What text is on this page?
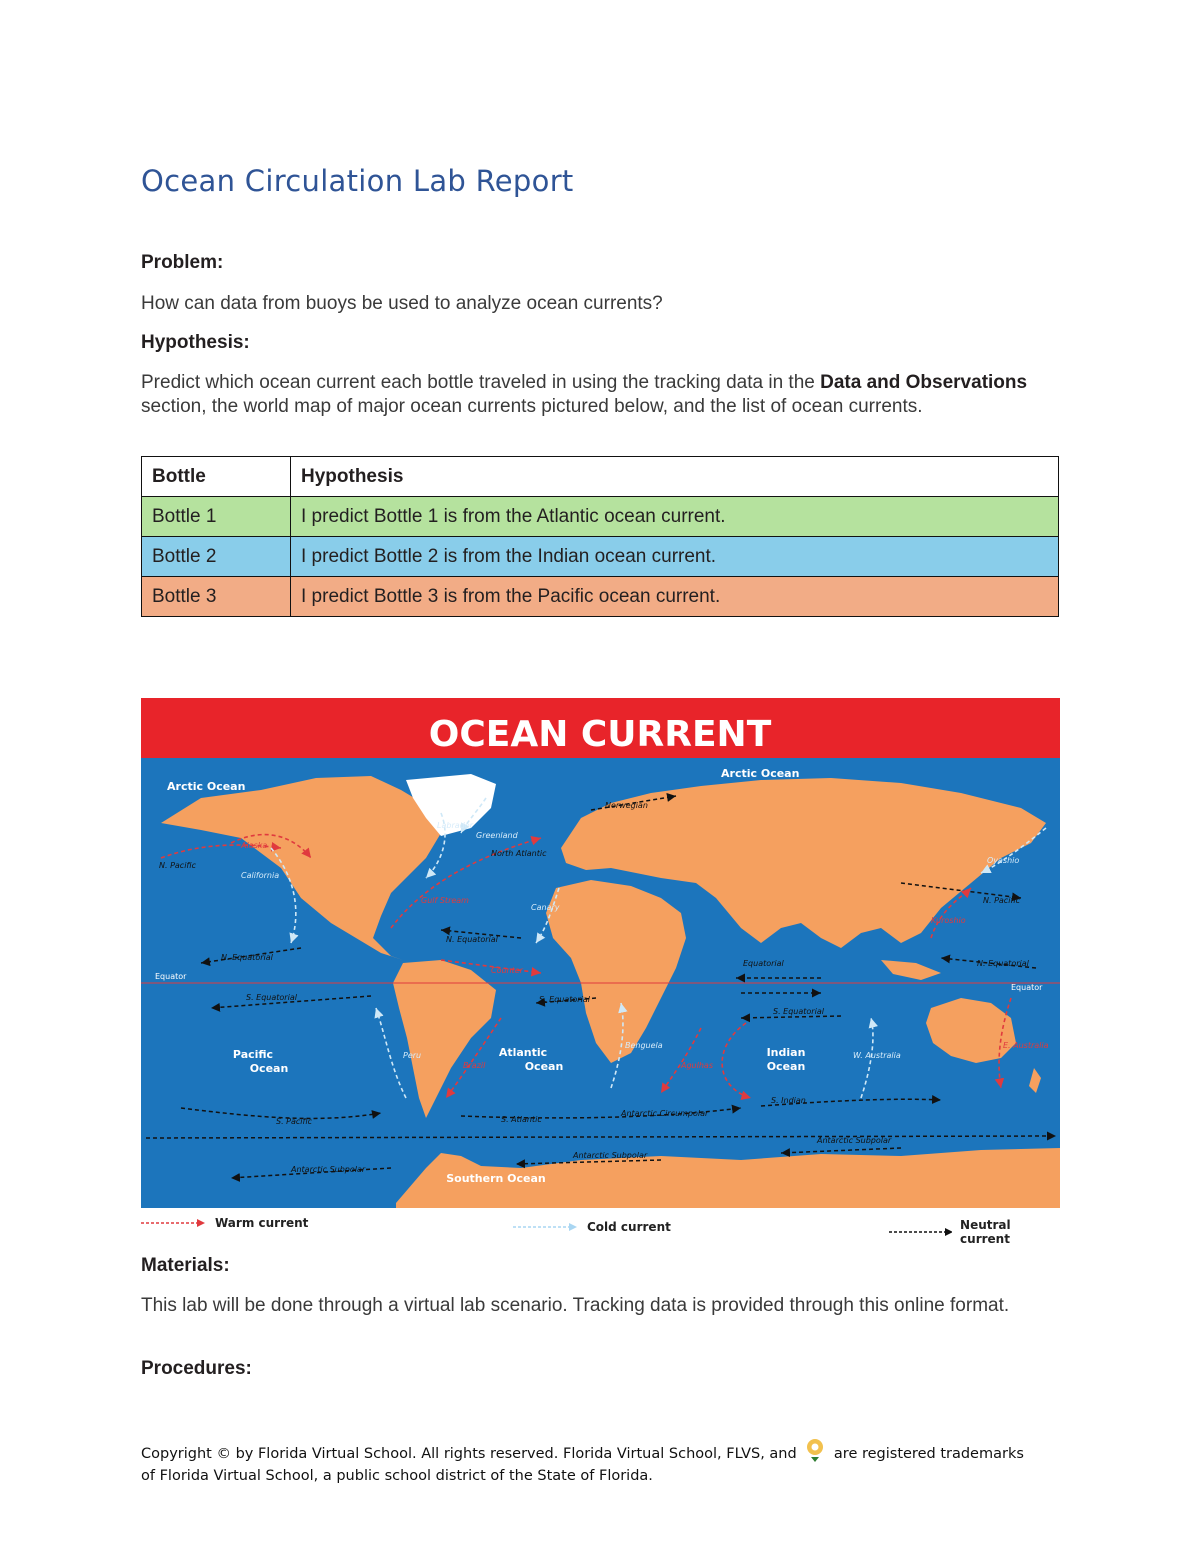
Ocean Circulation Lab Report
Problem:
How can data from buoys be used to analyze ocean currents?
Hypothesis:
Predict which ocean current each bottle traveled in using the tracking data in the Data and Observations section, the world map of major ocean currents pictured below, and the list of ocean currents.
Bottle	Hypothesis
Bottle 1	I predict Bottle 1 is from the Atlantic ocean current.
Bottle 2	I predict Bottle 2 is from the Indian ocean current.
Bottle 3	I predict Bottle 3 is from the Pacific ocean current.
OCEAN CURRENT
Equator
Equator
Arctic Ocean
Arctic Ocean
Pacific	Atlantic	Indian
Southern Ocean
Ocean	Ocean	Ocean
N. Pacific
N. Pacific
N. Equatorial
N. Equatorial
S. Equatorial
S. Pacific
Norwegian
North Atlantic
N. Equatorial
S. Equatorial
S. Atlantic
Antarctic Circumpolar
Antarctic Subpolar
Antarctic Subpolar
Antarctic Subpolar
Equatorial
S. Equatorial
S. Indian
Alaska
Gulf Stream
Counter
Brazil	Agulhas
Kuroshio
E. Australia
California
Peru
Labrador
Greenland
Canary
Benguela
W. Australia
Oyashio
Warm current	Cold current	Neutral current
Materials:
This lab will be done through a virtual lab scenario. Tracking data is provided through this online format.
Procedures:
Copyright © by Florida Virtual School. All rights reserved. Florida Virtual School, FLVS, and  are registered trademarks of Florida Virtual School, a public school district of the State of Florida.
